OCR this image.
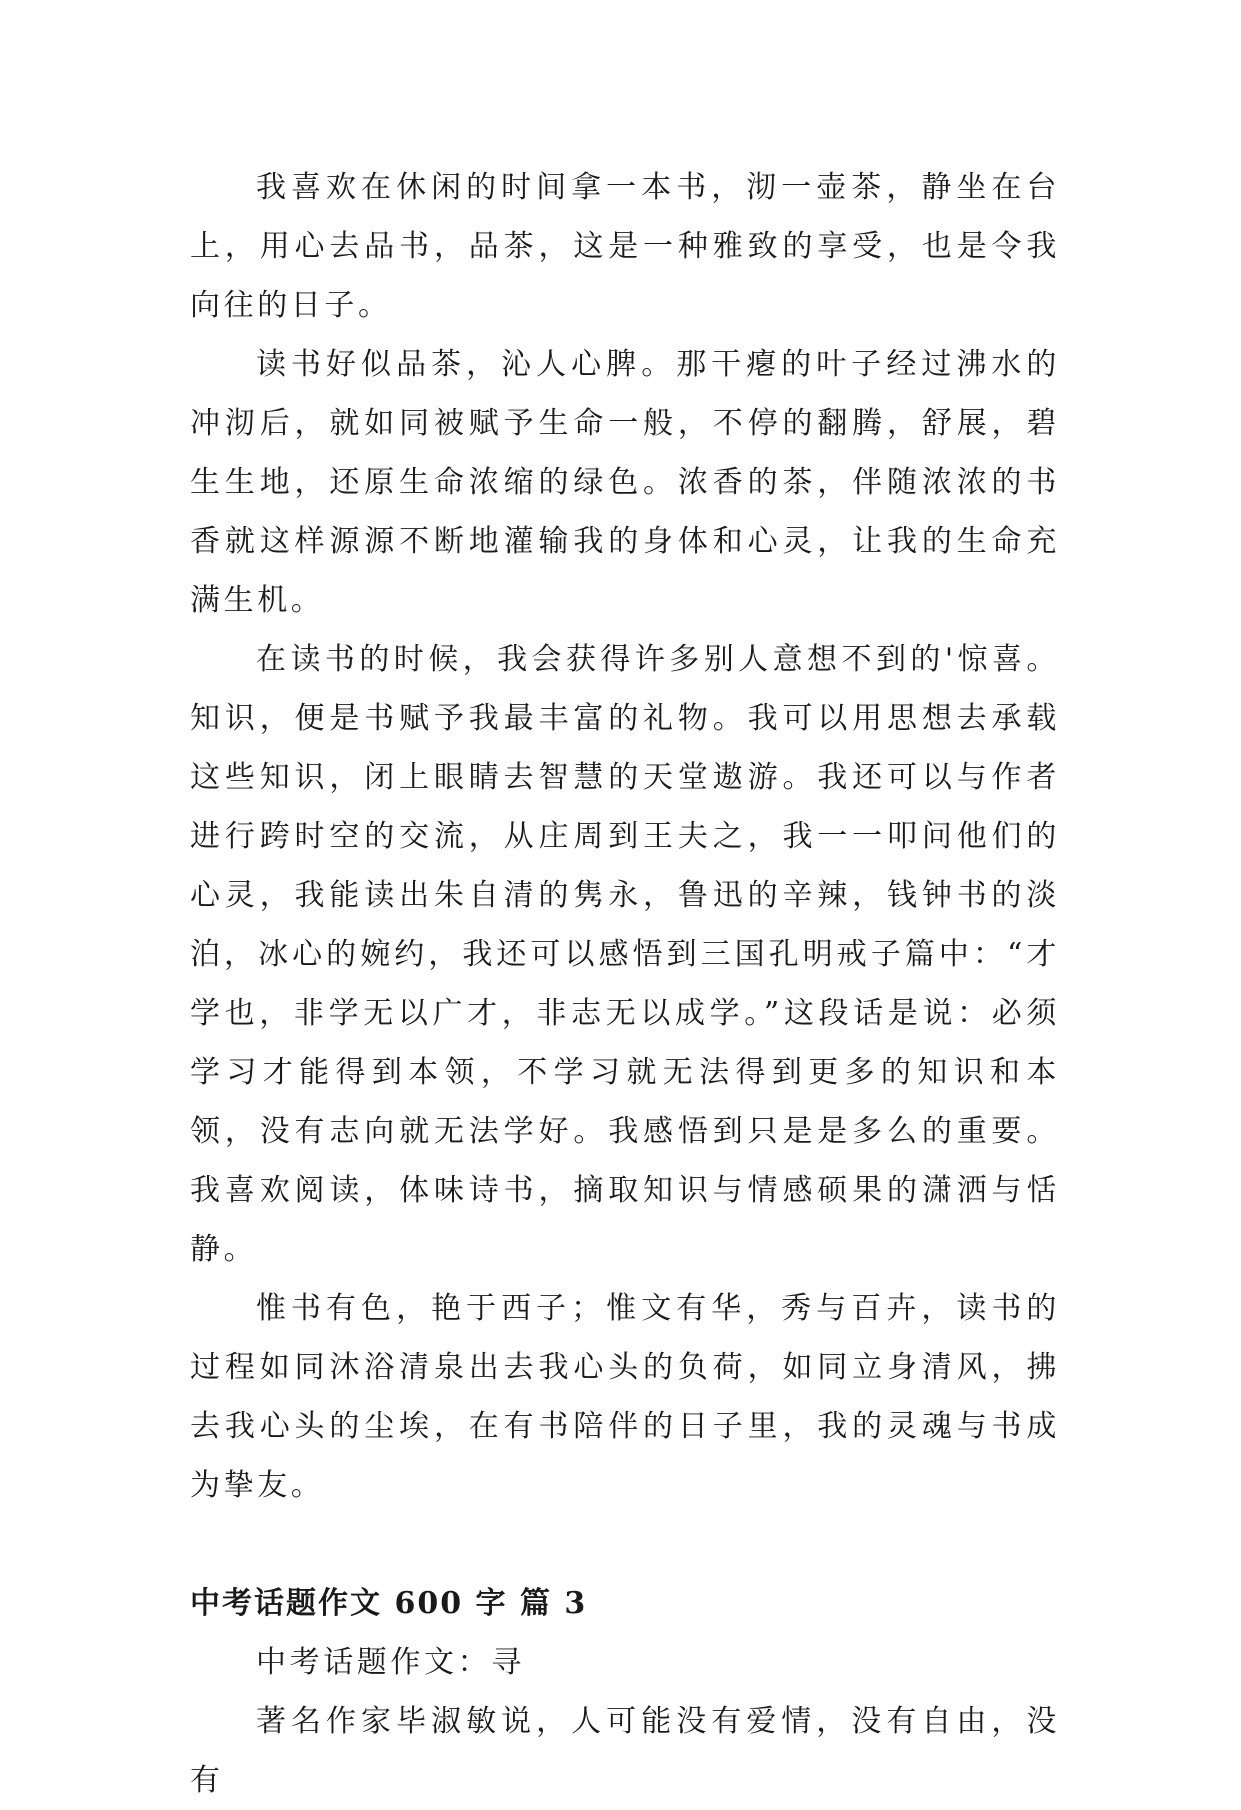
我喜欢在休闲的时间拿一本书，沏一壶茶，静坐在台上，用心去品书，品茶，这是一种雅致的享受，也是令我向往的日子。

读书好似品茶，沁人心脾。那干瘪的叶子经过沸水的冲沏后，就如同被赋予生命一般，不停的翻腾，舒展，碧生生地，还原生命浓缩的绿色。浓香的茶，伴随浓浓的书香就这样源源不断地灌输我的身体和心灵，让我的生命充满生机。

在读书的时候，我会获得许多别人意想不到的'惊喜。知识，便是书赋予我最丰富的礼物。我可以用思想去承载这些知识，闭上眼睛去智慧的天堂遨游。我还可以与作者进行跨时空的交流，从庄周到王夫之，我一一叩问他们的心灵，我能读出朱自清的隽永，鲁迅的辛辣，钱钟书的淡泊，冰心的婉约，我还可以感悟到三国孔明戒子篇中：“才学也，非学无以广才，非志无以成学。”这段话是说：必须学习才能得到本领，不学习就无法得到更多的知识和本领，没有志向就无法学好。我感悟到只是是多么的重要。我喜欢阅读，体味诗书，摘取知识与情感硕果的潇洒与恬静。

惟书有色，艳于西子；惟文有华，秀与百卉，读书的过程如同沐浴清泉出去我心头的负荷，如同立身清风，拂去我心头的尘埃，在有书陪伴的日子里，我的灵魂与书成为挚友。

中考话题作文 600 字 篇 3

中考话题作文：寻

著名作家毕淑敏说，人可能没有爱情，没有自由，没有
